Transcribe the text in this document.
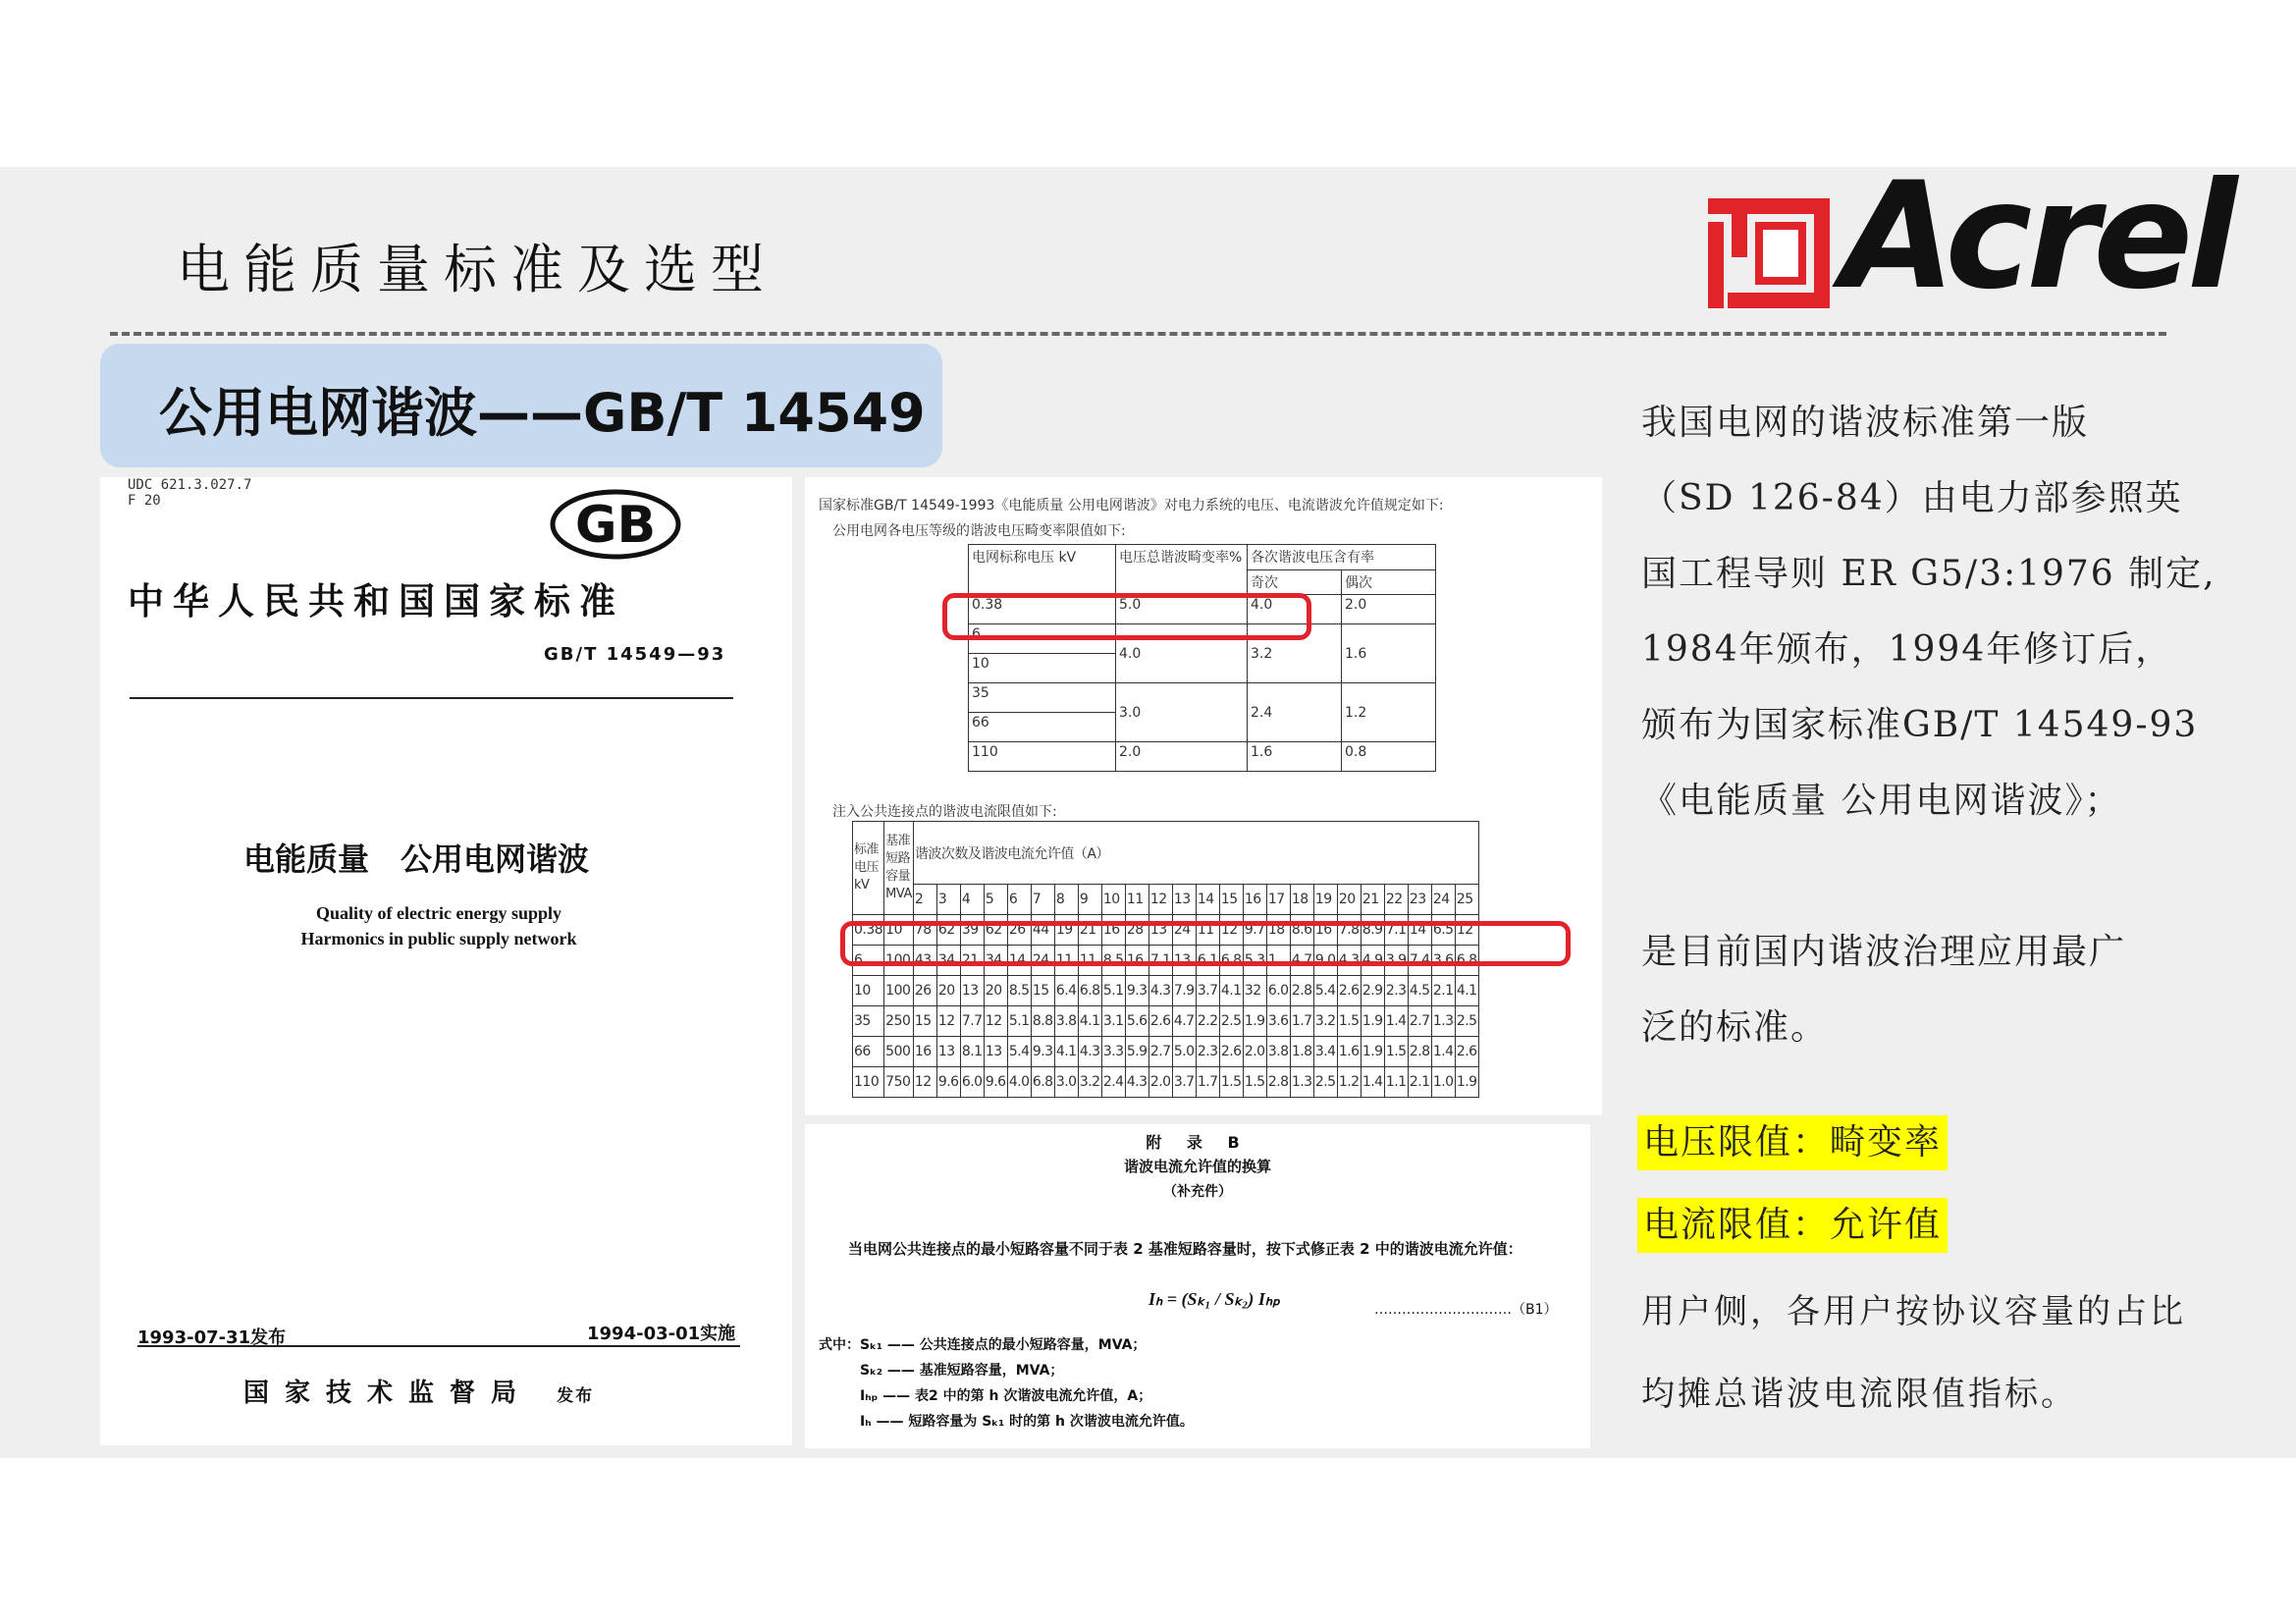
电能质量标准及选型	Acrel
公用电网谐波——GB/T 14549
UDC 621.3.027.7
F 20	GB
中华人民共和国国家标准
GB/T 14549—93
电能质量　公用电网谐波
Quality of electric energy supply
Harmonics in public supply network
1993-07-31发布	1994-03-01实施
国家技术监督局 发布
国家标准GB/T 14549-1993《电能质量 公用电网谐波》对电力系统的电压、电流谐波允许值规定如下:
公用电网各电压等级的谐波电压畸变率限值如下:
电网标称电压 kV	电压总谐波畸变率%	各次谐波电压含有率	
		奇次	偶次
0.38	5.0	4.0	2.0
6	4.0	3.2	1.6
10			
35	3.0	2.4	1.2
66			
110	2.0	1.6	0.8
注入公共连接点的谐波电流限值如下:
标准电压kV	基准短路容量MVA	谐波次数及谐波电流允许值（A）																							
		2	3	4	5	6	7	8	9	10	11	12	13	14	15	16	17	18	19	20	21	22	23	24	25
0.38	10	78	62	39	62	26	44	19	21	16	28	13	24	11	12	9.7	18	8.6	16	7.8	8.9	7.1	14	6.5	12
6	100	43	34	21	34	14	24	11	11	8.5	16	7.1	13	6.1	6.8	5.3	1.	4.7	9.0	4.3	4.9	3.9	7.4	3.6	6.8
10	100	26	20	13	20	8.5	15	6.4	6.8	5.1	9.3	4.3	7.9	3.7	4.1	32	6.0	2.8	5.4	2.6	2.9	2.3	4.5	2.1	4.1
35	250	15	12	7.7	12	5.1	8.8	3.8	4.1	3.1	5.6	2.6	4.7	2.2	2.5	1.9	3.6	1.7	3.2	1.5	1.9	1.4	2.7	1.3	2.5
66	500	16	13	8.1	13	5.4	9.3	4.1	4.3	3.3	5.9	2.7	5.0	2.3	2.6	2.0	3.8	1.8	3.4	1.6	1.9	1.5	2.8	1.4	2.6
110	750	12	9.6	6.0	9.6	4.0	6.8	3.0	3.2	2.4	4.3	2.0	3.7	1.7	1.5	1.5	2.8	1.3	2.5	1.2	1.4	1.1	2.1	1.0	1.9
附 录 B
谐波电流允许值的换算
（补充件）
当电网公共连接点的最小短路容量不同于表 2 基准短路容量时，按下式修正表 2 中的谐波电流允许值：
Iₕ = (Sₖ₁ / Sₖ₂) Iₕₚ
…………………………（B1）
式中：Sₖ₁ —— 公共连接点的最小短路容量，MVA；
Sₖ₂ —— 基准短路容量，MVA；
Iₕₚ —— 表2 中的第 h 次谐波电流允许值，A；
Iₕ —— 短路容量为 Sₖ₁ 时的第 h 次谐波电流允许值。

我国电网的谐波标准第一版

（SD 126-84）由电力部参照英

国工程导则 ER G5/3:1976 制定,

1984年颁布，1994年修订后，

颁布为国家标准GB/T 14549-93

《电能质量 公用电网谐波》；

是目前国内谐波治理应用最广

泛的标准。

电压限值：畸变率
电流限值：允许值
用户侧，各用户按协议容量的占比
均摊总谐波电流限值指标。
